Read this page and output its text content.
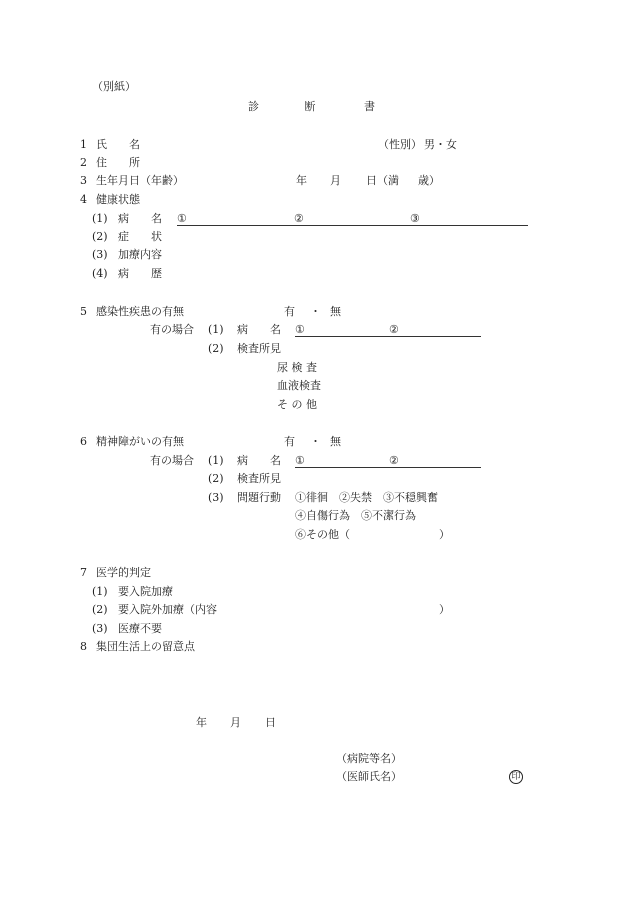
（別紙）
診	断	書
1 氏　　名	（性別） 男・女
2 住　　所
3 生年月日（年齢）	年 月 日（満 歳）
4 健康状態
(1) 病　　名 ①	②	③
(2) 症　　状
(3) 加療内容
(4) 病　　歴
5 感染性疾患の有無	有 ・ 無
有の場合 (1) 病　　名 ①	②
(2) 検査所見
尿 検 査
血液検査
そ の 他
6 精神障がいの有無	有 ・ 無
有の場合 (1) 病　　名 ①	②
(2) 検査所見
(3) 問題行動 ①徘徊　②失禁　③不穏興奮
④自傷行為　⑤不潔行為
⑥その他（	）
7 医学的判定
(1) 要入院加療
(2) 要入院外加療（内容	）
(3) 医療不要
8 集団生活上の留意点
年 月 日
（病院等名）
（医師氏名）	印
